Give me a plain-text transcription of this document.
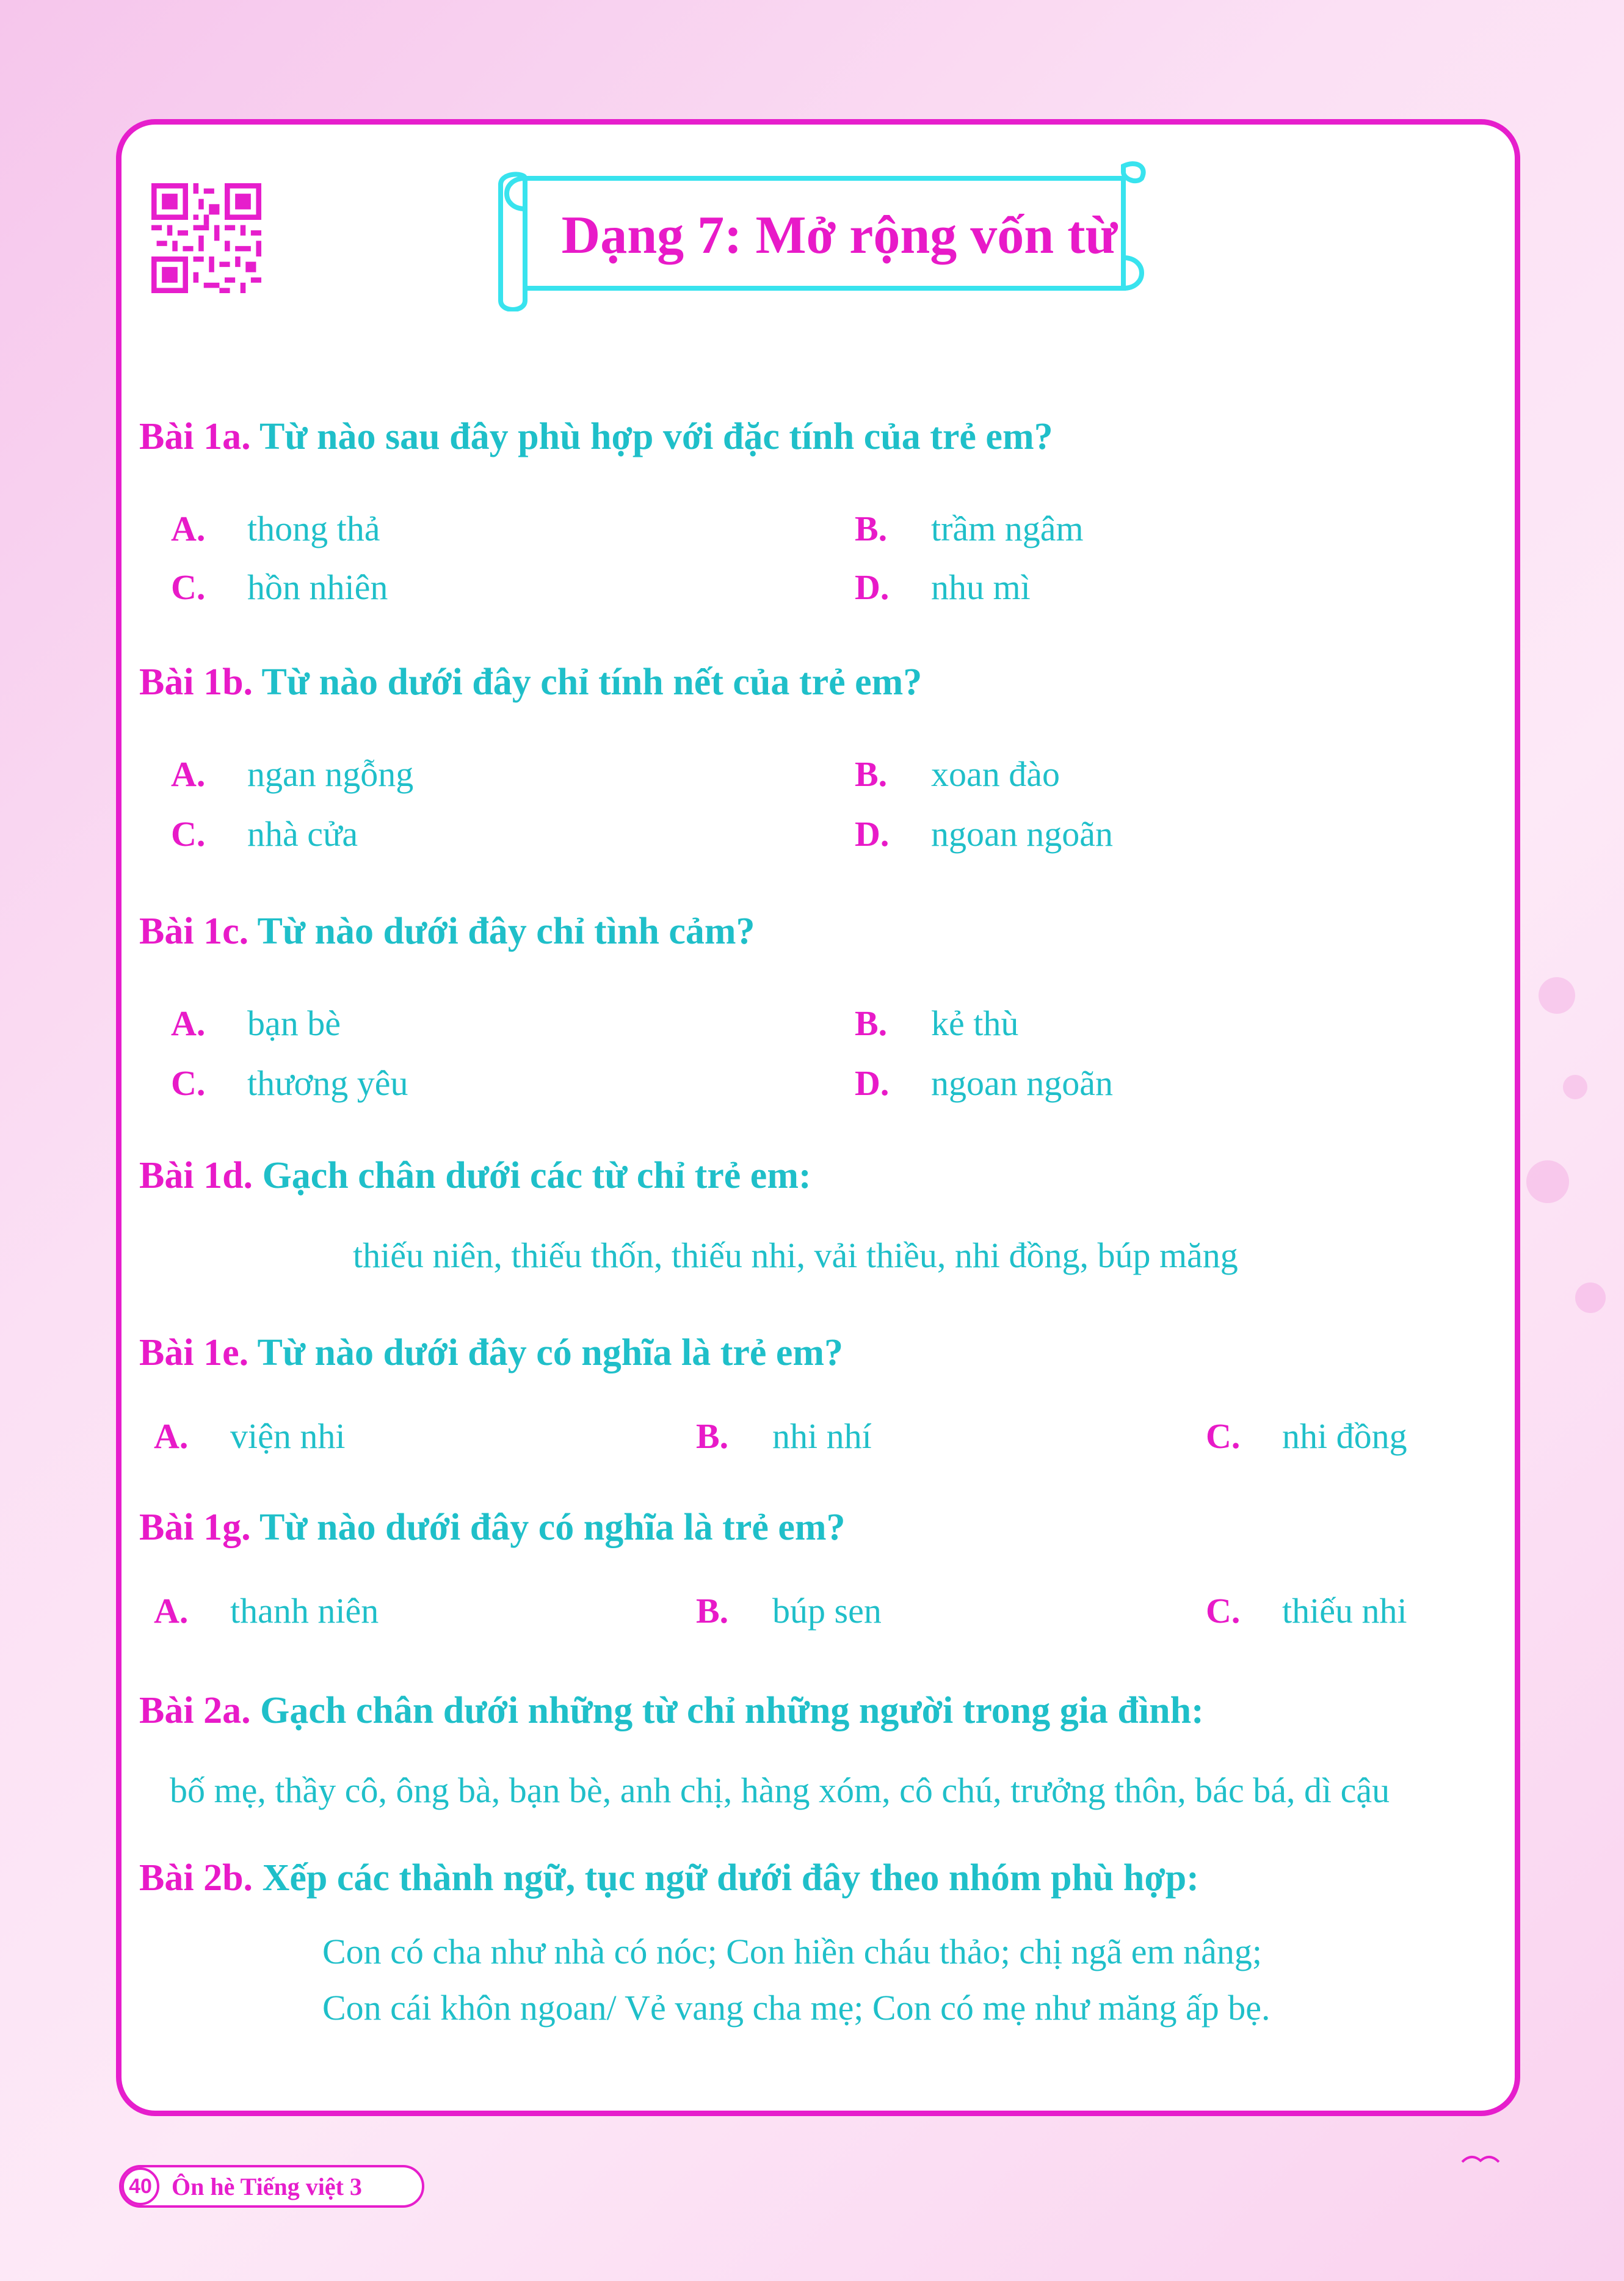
Dạng 7: Mở rộng vốn từ
Bài 1a. Từ nào sau đây phù hợp với đặc tính của trẻ em?
A. thong thả	B. trầm ngâm
C. hồn nhiên	D. nhu mì
Bài 1b. Từ nào dưới đây chỉ tính nết của trẻ em?
A. ngan ngỗng	B. xoan đào
C. nhà cửa	D. ngoan ngoãn
Bài 1c. Từ nào dưới đây chỉ tình cảm?
A. bạn bè	B. kẻ thù
C. thương yêu	D. ngoan ngoãn
Bài 1d. Gạch chân dưới các từ chỉ trẻ em:
thiếu niên, thiếu thốn, thiếu nhi, vải thiều, nhi đồng, búp măng
Bài 1e. Từ nào dưới đây có nghĩa là trẻ em?
A. viện nhi	B. nhi nhí	C. nhi đồng
Bài 1g. Từ nào dưới đây có nghĩa là trẻ em?
A. thanh niên	B. búp sen	C. thiếu nhi
Bài 2a. Gạch chân dưới những từ chỉ những người trong gia đình:
bố mẹ, thầy cô, ông bà, bạn bè, anh chị, hàng xóm, cô chú, trưởng thôn, bác bá, dì cậu
Bài 2b. Xếp các thành ngữ, tục ngữ dưới đây theo nhóm phù hợp:
Con có cha như nhà có nóc; Con hiền cháu thảo; chị ngã em nâng;
Con cái khôn ngoan/ Vẻ vang cha mẹ; Con có mẹ như măng ấp bẹ.
40 Ôn hè Tiếng việt 3
